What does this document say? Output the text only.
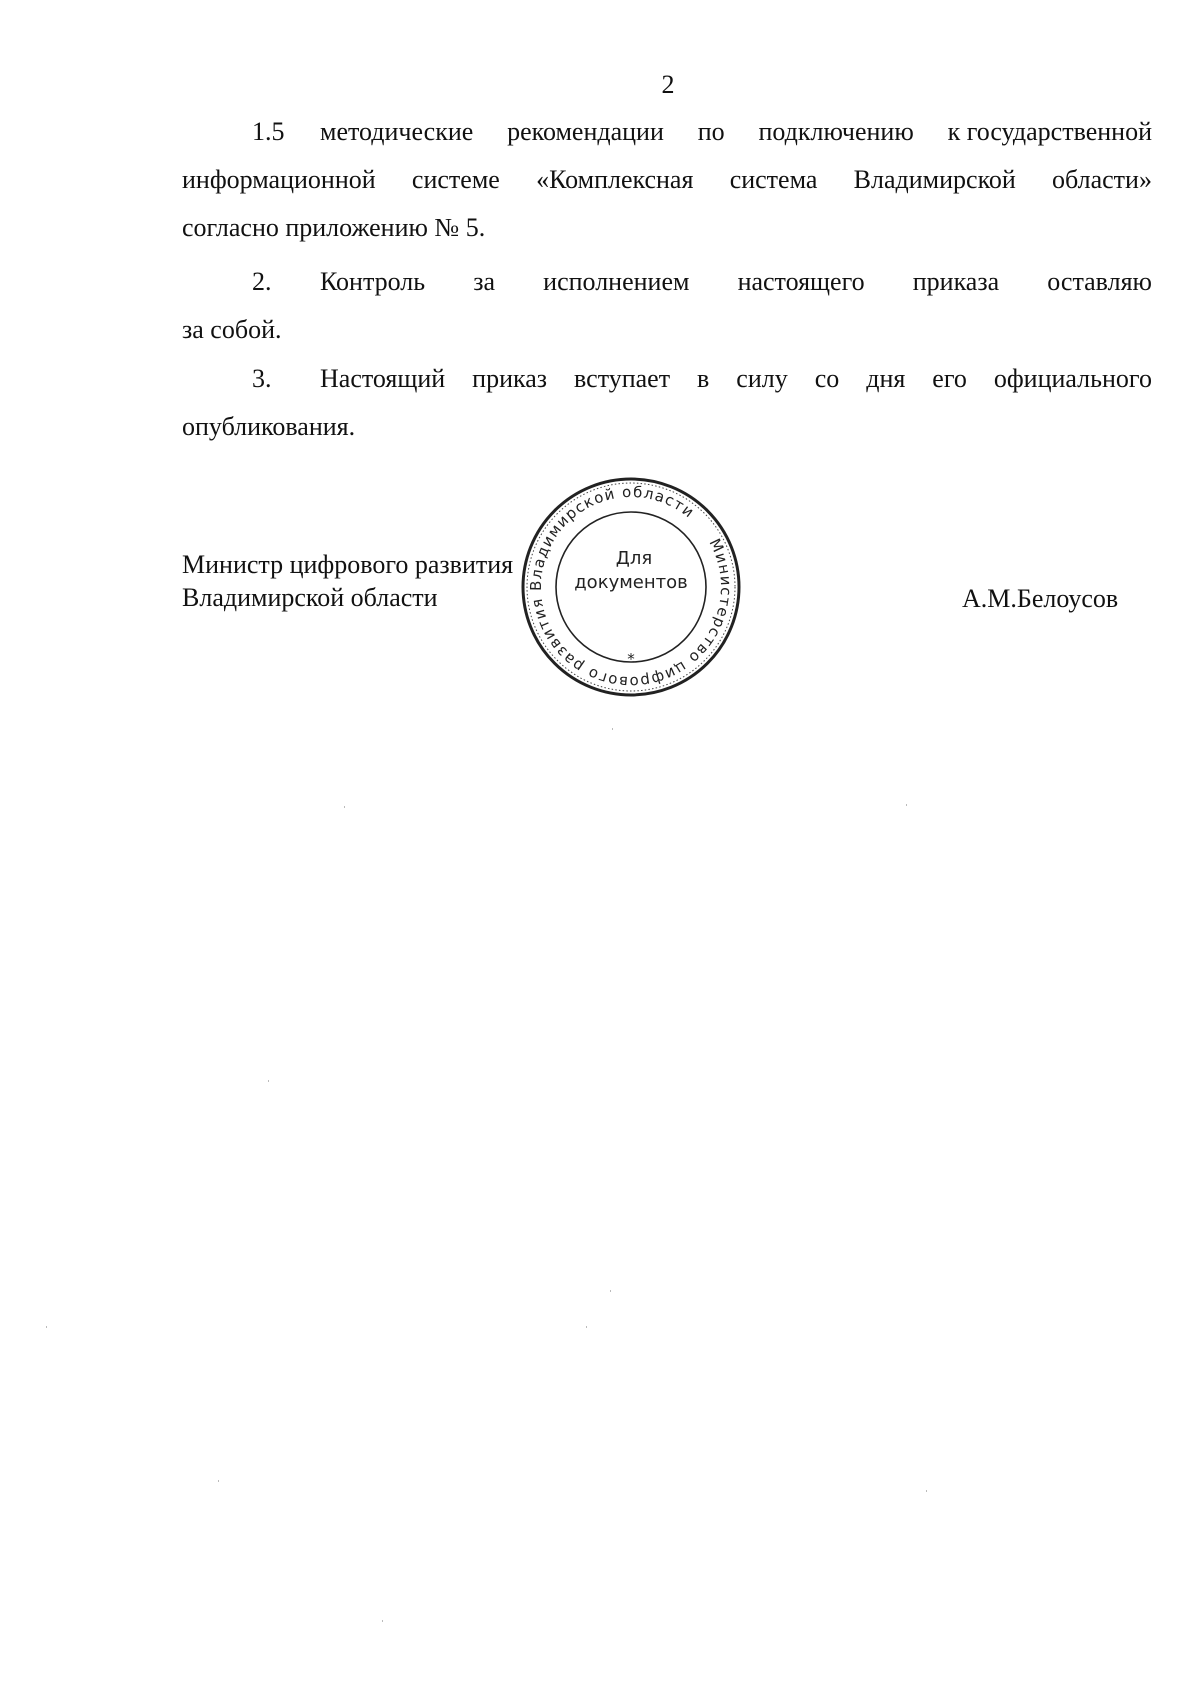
2
1.5	методические рекомендации по подключению к государственной
информационной системе «Комплексная система Владимирской области»
согласно приложению № 5.
2.	Контроль за исполнением настоящего приказа оставляю
за собой.
3.	Настоящий приказ вступает в силу со дня его официального
опубликования.
Министр цифрового развития
Владимирской области	А.М.Белоусов
Министерство цифрового развития Владимирской области
*
Для
документов
